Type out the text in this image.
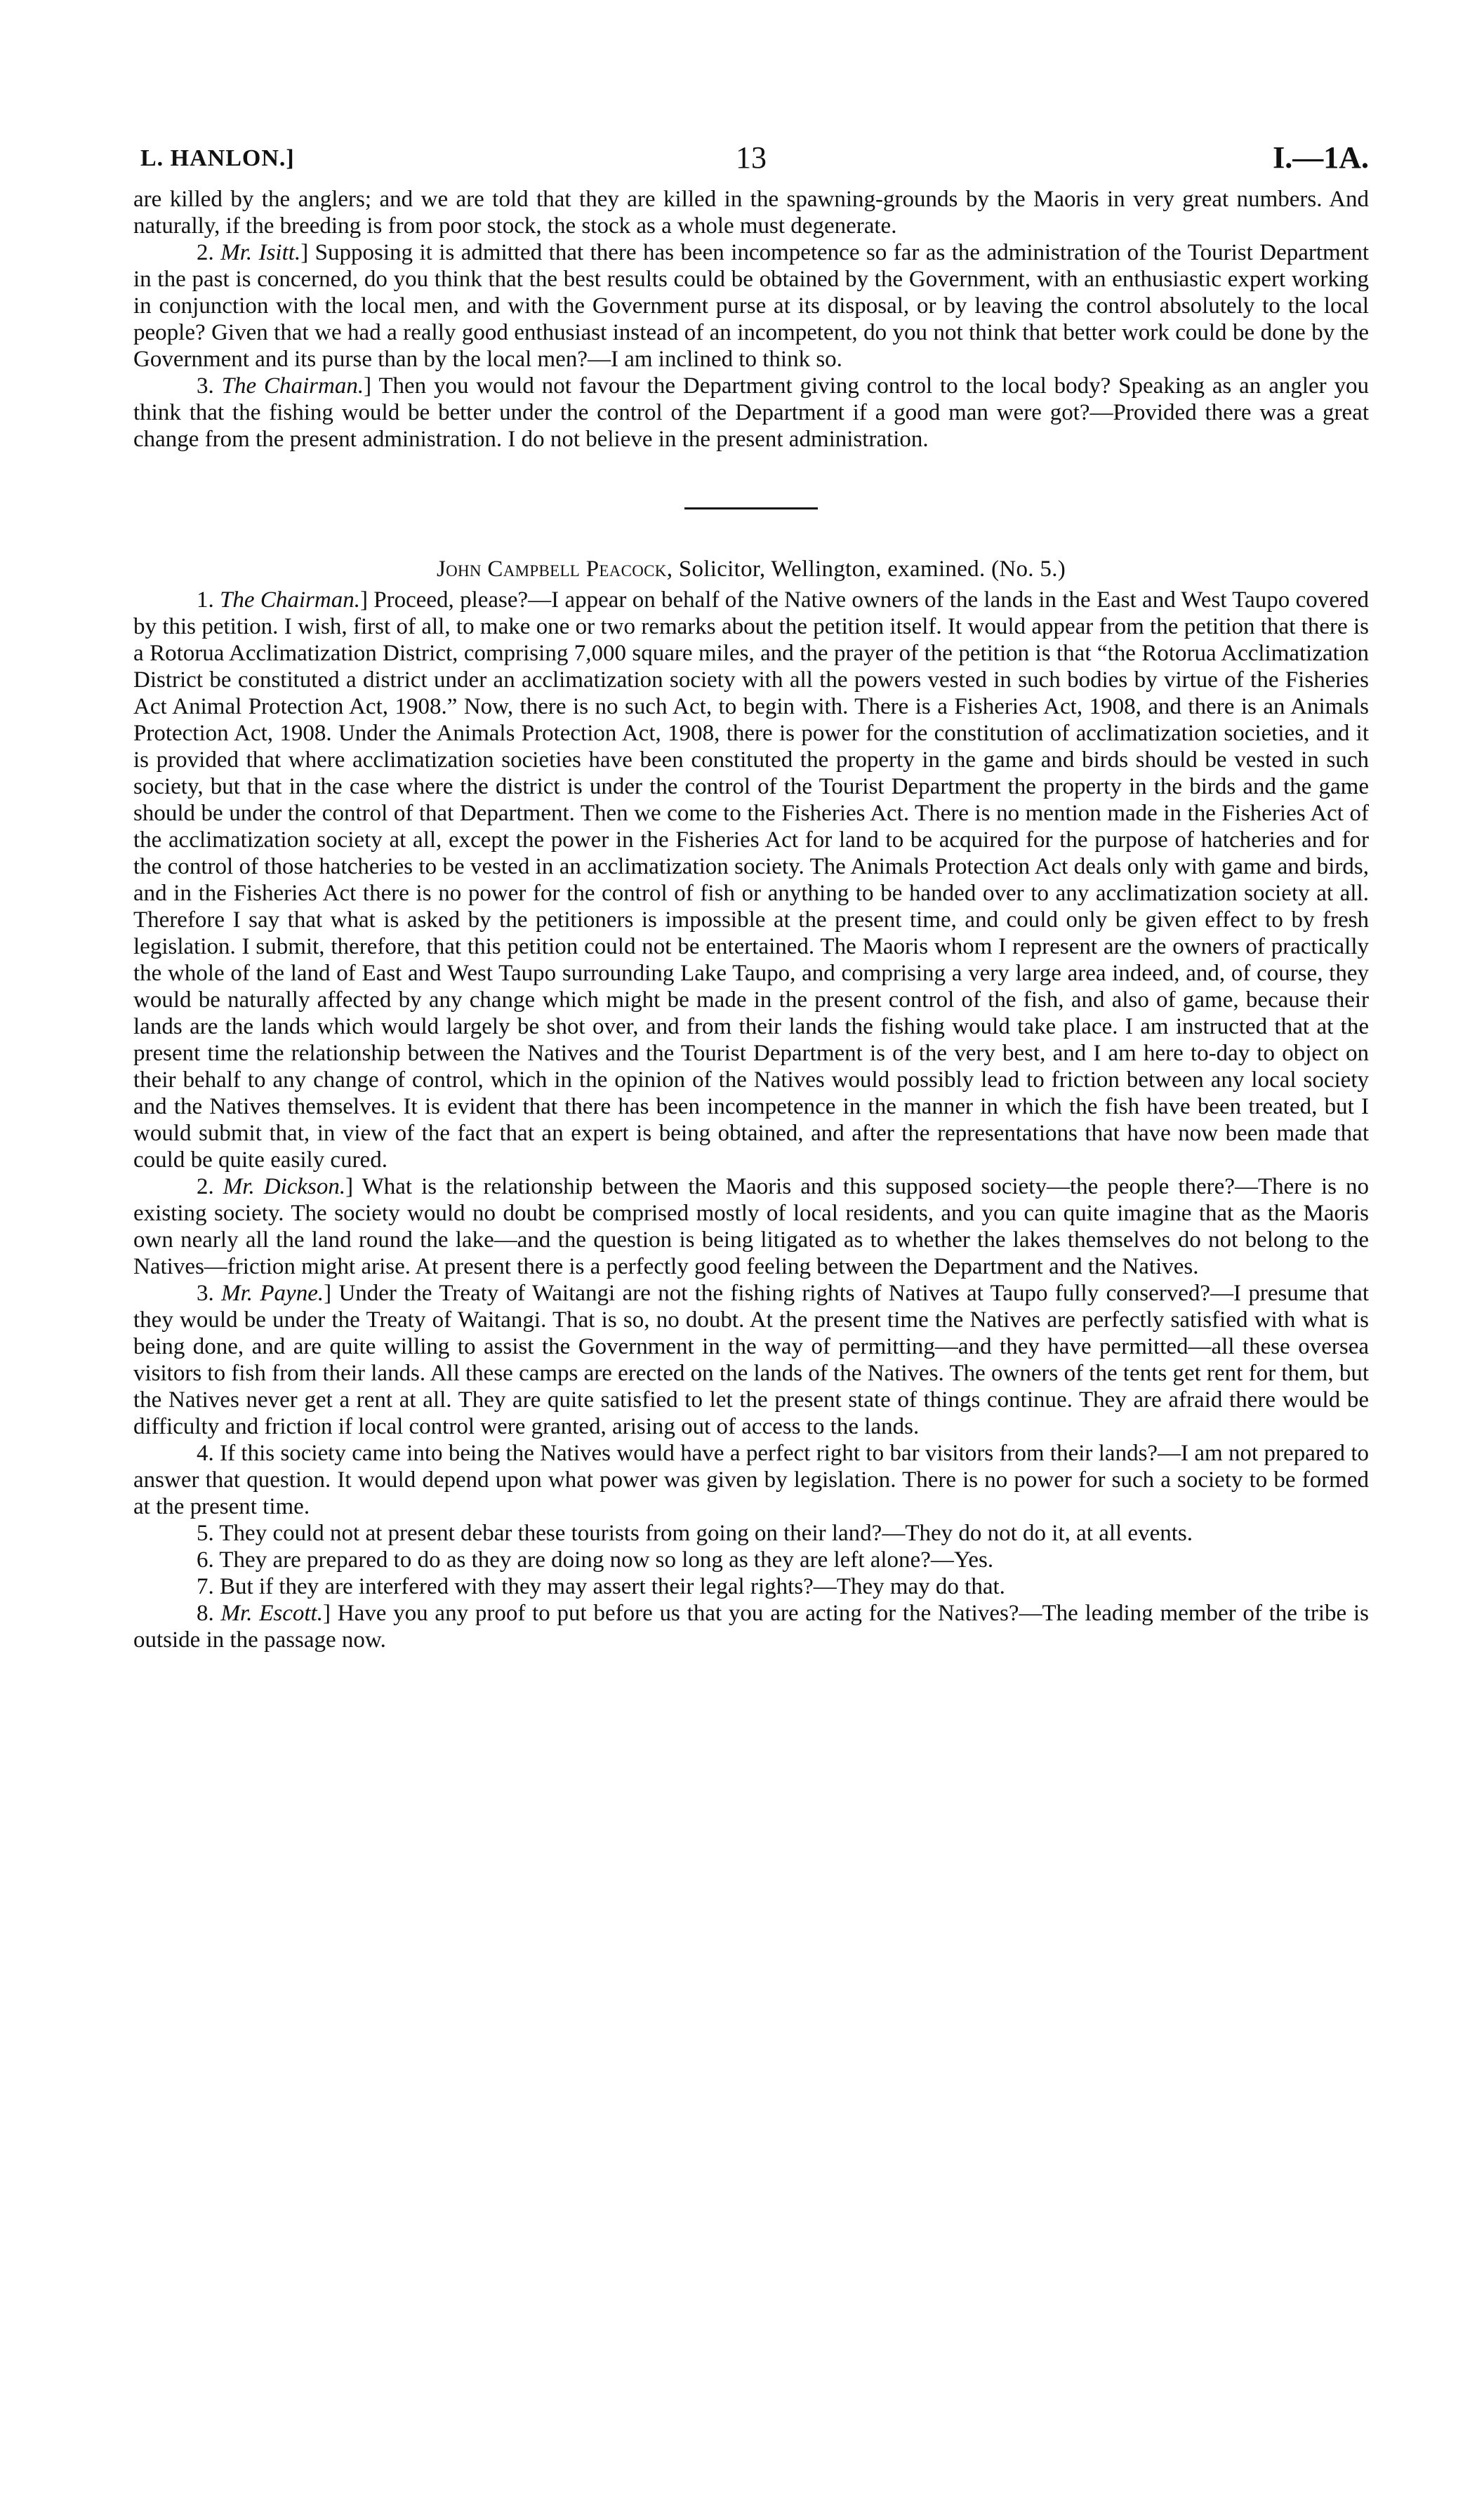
L. HANLON.]	13	I.—1A.

are killed by the anglers; and we are told that they are killed in the spawning-grounds by the Maoris in very great numbers. And naturally, if the breeding is from poor stock, the stock as a whole must degenerate.

2. Mr. Isitt.] Supposing it is admitted that there has been incompetence so far as the administration of the Tourist Department in the past is concerned, do you think that the best results could be obtained by the Government, with an enthusiastic expert working in conjunction with the local men, and with the Government purse at its disposal, or by leaving the control absolutely to the local people? Given that we had a really good enthusiast instead of an incompetent, do you not think that better work could be done by the Government and its purse than by the local men?—I am inclined to think so.

3. The Chairman.] Then you would not favour the Department giving control to the local body? Speaking as an angler you think that the fishing would be better under the control of the Department if a good man were got?—Provided there was a great change from the present administration. I do not believe in the present administration.

John Campbell Peacock, Solicitor, Wellington, examined. (No. 5.)

1. The Chairman.] Proceed, please?—I appear on behalf of the Native owners of the lands in the East and West Taupo covered by this petition. I wish, first of all, to make one or two remarks about the petition itself. It would appear from the petition that there is a Rotorua Acclimatization District, comprising 7,000 square miles, and the prayer of the petition is that “the Rotorua Acclimatization District be constituted a district under an acclimatization society with all the powers vested in such bodies by virtue of the Fisheries Act Animal Protection Act, 1908.” Now, there is no such Act, to begin with. There is a Fisheries Act, 1908, and there is an Animals Protection Act, 1908. Under the Animals Protection Act, 1908, there is power for the constitution of acclimatization societies, and it is provided that where acclimatization societies have been constituted the property in the game and birds should be vested in such society, but that in the case where the district is under the control of the Tourist Department the property in the birds and the game should be under the control of that Department. Then we come to the Fisheries Act. There is no mention made in the Fisheries Act of the acclimatization society at all, except the power in the Fisheries Act for land to be acquired for the purpose of hatcheries and for the control of those hatcheries to be vested in an acclimatization society. The Animals Protection Act deals only with game and birds, and in the Fisheries Act there is no power for the control of fish or anything to be handed over to any acclimatization society at all. Therefore I say that what is asked by the petitioners is impossible at the present time, and could only be given effect to by fresh legislation. I submit, therefore, that this petition could not be entertained. The Maoris whom I represent are the owners of practically the whole of the land of East and West Taupo surrounding Lake Taupo, and comprising a very large area indeed, and, of course, they would be naturally affected by any change which might be made in the present control of the fish, and also of game, because their lands are the lands which would largely be shot over, and from their lands the fishing would take place. I am instructed that at the present time the relationship between the Natives and the Tourist Department is of the very best, and I am here to-day to object on their behalf to any change of control, which in the opinion of the Natives would possibly lead to friction between any local society and the Natives themselves. It is evident that there has been incompetence in the manner in which the fish have been treated, but I would submit that, in view of the fact that an expert is being obtained, and after the representations that have now been made that could be quite easily cured.

2. Mr. Dickson.] What is the relationship between the Maoris and this supposed society—the people there?—There is no existing society. The society would no doubt be comprised mostly of local residents, and you can quite imagine that as the Maoris own nearly all the land round the lake—and the question is being litigated as to whether the lakes themselves do not belong to the Natives—friction might arise. At present there is a perfectly good feeling between the Department and the Natives.

3. Mr. Payne.] Under the Treaty of Waitangi are not the fishing rights of Natives at Taupo fully conserved?—I presume that they would be under the Treaty of Waitangi. That is so, no doubt. At the present time the Natives are perfectly satisfied with what is being done, and are quite willing to assist the Government in the way of permitting—and they have permitted—all these oversea visitors to fish from their lands. All these camps are erected on the lands of the Natives. The owners of the tents get rent for them, but the Natives never get a rent at all. They are quite satisfied to let the present state of things continue. They are afraid there would be difficulty and friction if local control were granted, arising out of access to the lands.

4. If this society came into being the Natives would have a perfect right to bar visitors from their lands?—I am not prepared to answer that question. It would depend upon what power was given by legislation. There is no power for such a society to be formed at the present time.

5. They could not at present debar these tourists from going on their land?—They do not do it, at all events.

6. They are prepared to do as they are doing now so long as they are left alone?—Yes.

7. But if they are interfered with they may assert their legal rights?—They may do that.

8. Mr. Escott.] Have you any proof to put before us that you are acting for the Natives?—The leading member of the tribe is outside in the passage now.
